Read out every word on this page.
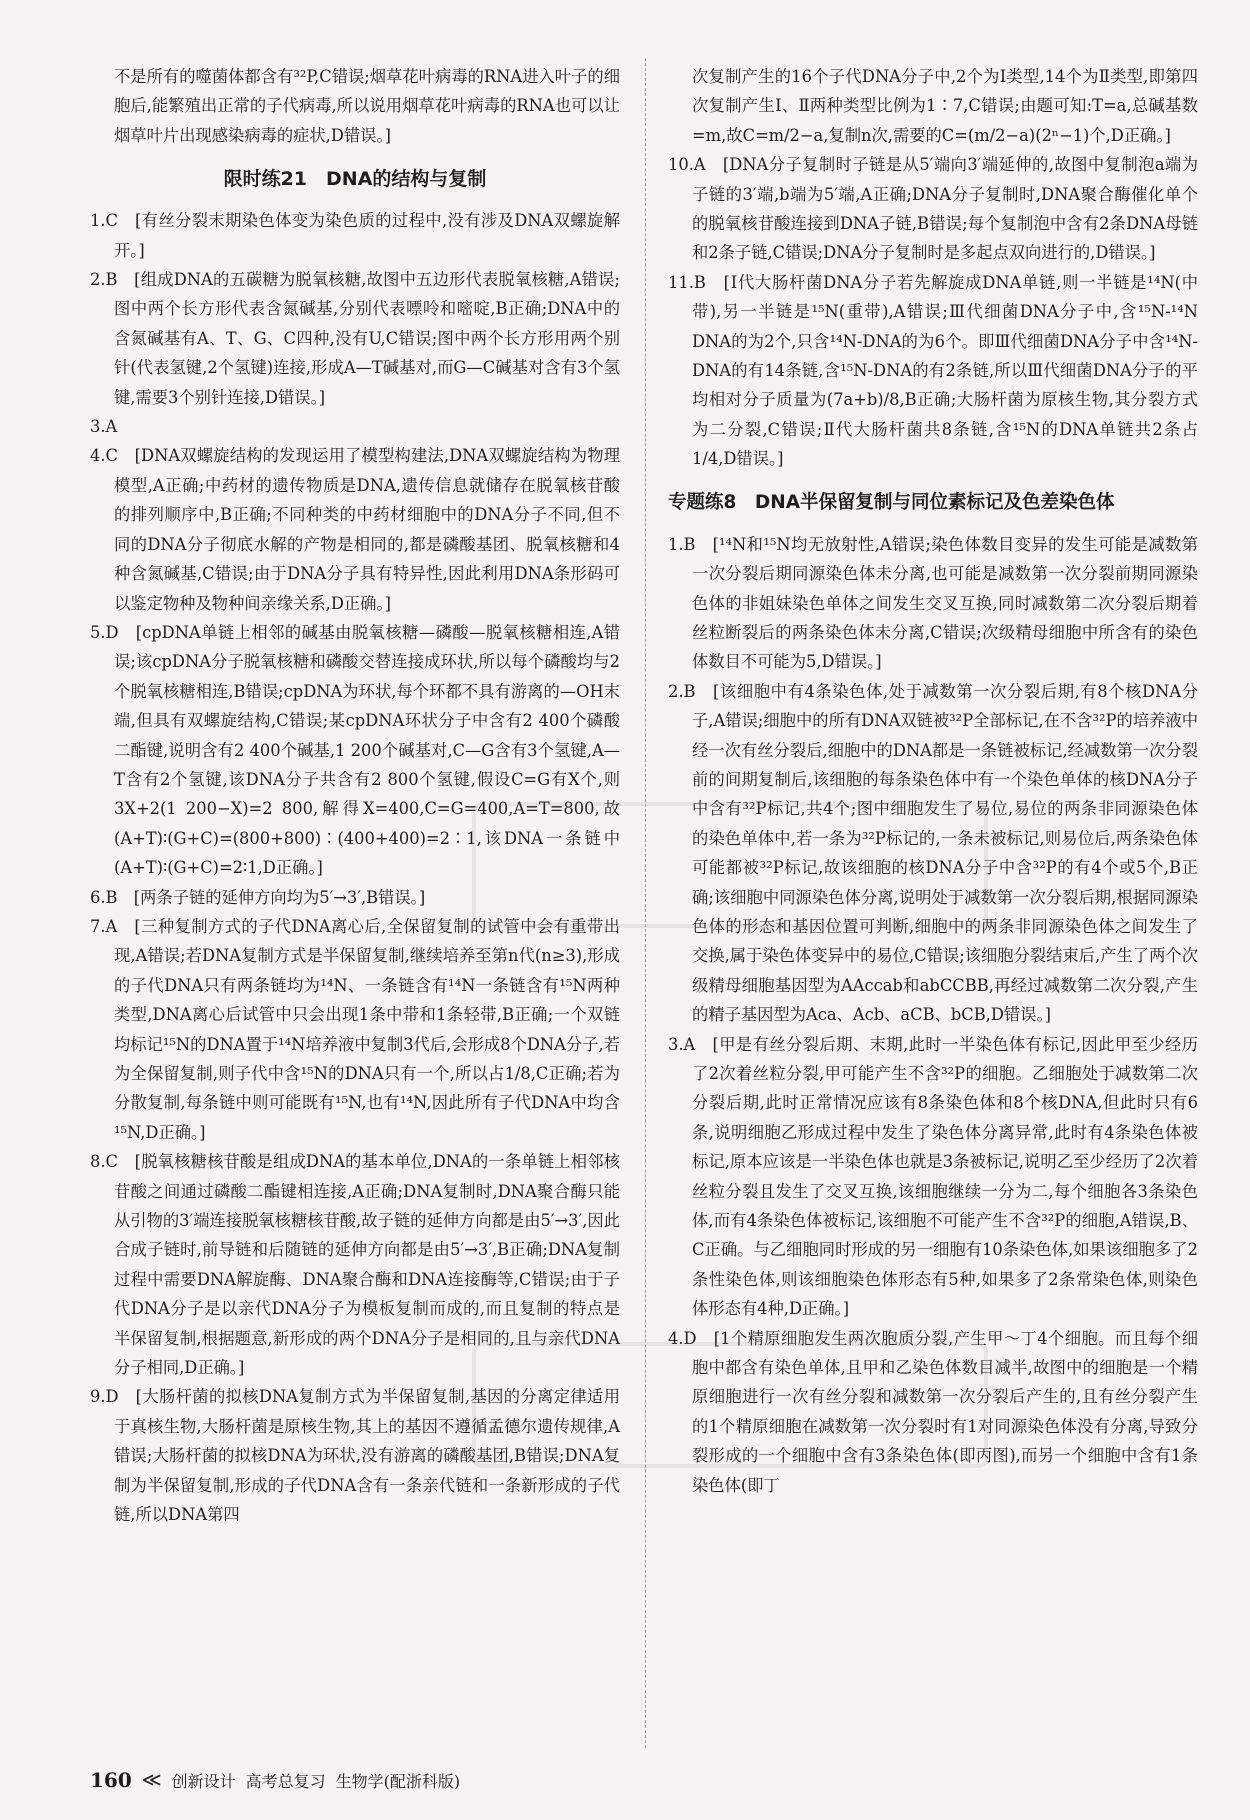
不是所有的噬菌体都含有³²P,C错误;烟草花叶病毒的RNA进入叶子的细胞后,能繁殖出正常的子代病毒,所以说用烟草花叶病毒的RNA也可以让烟草叶片出现感染病毒的症状,D错误。]

限时练21　DNA的结构与复制

1.C　[有丝分裂末期染色体变为染色质的过程中,没有涉及DNA双螺旋解开。]

2.B　[组成DNA的五碳糖为脱氧核糖,故图中五边形代表脱氧核糖,A错误;图中两个长方形代表含氮碱基,分别代表嘌呤和嘧啶,B正确;DNA中的含氮碱基有A、T、G、C四种,没有U,C错误;图中两个长方形用两个别针(代表氢键,2个氢键)连接,形成A—T碱基对,而G—C碱基对含有3个氢键,需要3个别针连接,D错误。]

3.A

4.C　[DNA双螺旋结构的发现运用了模型构建法,DNA双螺旋结构为物理模型,A正确;中药材的遗传物质是DNA,遗传信息就储存在脱氧核苷酸的排列顺序中,B正确;不同种类的中药材细胞中的DNA分子不同,但不同的DNA分子彻底水解的产物是相同的,都是磷酸基团、脱氧核糖和4种含氮碱基,C错误;由于DNA分子具有特异性,因此利用DNA条形码可以鉴定物种及物种间亲缘关系,D正确。]

5.D　[cpDNA单链上相邻的碱基由脱氧核糖—磷酸—脱氧核糖相连,A错误;该cpDNA分子脱氧核糖和磷酸交替连接成环状,所以每个磷酸均与2个脱氧核糖相连,B错误;cpDNA为环状,每个环都不具有游离的—OH末端,但具有双螺旋结构,C错误;某cpDNA环状分子中含有2 400个磷酸二酯键,说明含有2 400个碱基,1 200个碱基对,C—G含有3个氢键,A—T含有2个氢键,该DNA分子共含有2 800个氢键,假设C=G有X个,则3X+2(1 200−X)=2 800,解得X=400,C=G=400,A=T=800,故(A+T)∶(G+C)=(800+800)∶(400+400)=2∶1,该DNA一条链中(A+T)∶(G+C)=2∶1,D正确。]

6.B　[两条子链的延伸方向均为5′→3′,B错误。]

7.A　[三种复制方式的子代DNA离心后,全保留复制的试管中会有重带出现,A错误;若DNA复制方式是半保留复制,继续培养至第n代(n≥3),形成的子代DNA只有两条链均为¹⁴N、一条链含有¹⁴N一条链含有¹⁵N两种类型,DNA离心后试管中只会出现1条中带和1条轻带,B正确;一个双链均标记¹⁵N的DNA置于¹⁴N培养液中复制3代后,会形成8个DNA分子,若为全保留复制,则子代中含¹⁵N的DNA只有一个,所以占1/8,C正确;若为分散复制,每条链中则可能既有¹⁵N,也有¹⁴N,因此所有子代DNA中均含¹⁵N,D正确。]

8.C　[脱氧核糖核苷酸是组成DNA的基本单位,DNA的一条单链上相邻核苷酸之间通过磷酸二酯键相连接,A正确;DNA复制时,DNA聚合酶只能从引物的3′端连接脱氧核糖核苷酸,故子链的延伸方向都是由5′→3′,因此合成子链时,前导链和后随链的延伸方向都是由5′→3′,B正确;DNA复制过程中需要DNA解旋酶、DNA聚合酶和DNA连接酶等,C错误;由于子代DNA分子是以亲代DNA分子为模板复制而成的,而且复制的特点是半保留复制,根据题意,新形成的两个DNA分子是相同的,且与亲代DNA分子相同,D正确。]

9.D　[大肠杆菌的拟核DNA复制方式为半保留复制,基因的分离定律适用于真核生物,大肠杆菌是原核生物,其上的基因不遵循孟德尔遗传规律,A错误;大肠杆菌的拟核DNA为环状,没有游离的磷酸基团,B错误;DNA复制为半保留复制,形成的子代DNA含有一条亲代链和一条新形成的子代链,所以DNA第四

次复制产生的16个子代DNA分子中,2个为Ⅰ类型,14个为Ⅱ类型,即第四次复制产生Ⅰ、Ⅱ两种类型比例为1∶7,C错误;由题可知:T=a,总碱基数=m,故C=m/2−a,复制n次,需要的C=(m/2−a)(2ⁿ−1)个,D正确。]

10.A　[DNA分子复制时子链是从5′端向3′端延伸的,故图中复制泡a端为子链的3′端,b端为5′端,A正确;DNA分子复制时,DNA聚合酶催化单个的脱氧核苷酸连接到DNA子链,B错误;每个复制泡中含有2条DNA母链和2条子链,C错误;DNA分子复制时是多起点双向进行的,D错误。]

11.B　[Ⅰ代大肠杆菌DNA分子若先解旋成DNA单链,则一半链是¹⁴N(中带),另一半链是¹⁵N(重带),A错误;Ⅲ代细菌DNA分子中,含¹⁵N-¹⁴N DNA的为2个,只含¹⁴N-DNA的为6个。即Ⅲ代细菌DNA分子中含¹⁴N-DNA的有14条链,含¹⁵N-DNA的有2条链,所以Ⅲ代细菌DNA分子的平均相对分子质量为(7a+b)/8,B正确;大肠杆菌为原核生物,其分裂方式为二分裂,C错误;Ⅱ代大肠杆菌共8条链,含¹⁵N的DNA单链共2条占1/4,D错误。]

专题练8　DNA半保留复制与同位素标记及色差染色体

1.B　[¹⁴N和¹⁵N均无放射性,A错误;染色体数目变异的发生可能是减数第一次分裂后期同源染色体未分离,也可能是减数第一次分裂前期同源染色体的非姐妹染色单体之间发生交叉互换,同时减数第二次分裂后期着丝粒断裂后的两条染色体未分离,C错误;次级精母细胞中所含有的染色体数目不可能为5,D错误。]

2.B　[该细胞中有4条染色体,处于减数第一次分裂后期,有8个核DNA分子,A错误;细胞中的所有DNA双链被³²P全部标记,在不含³²P的培养液中经一次有丝分裂后,细胞中的DNA都是一条链被标记,经减数第一次分裂前的间期复制后,该细胞的每条染色体中有一个染色单体的核DNA分子中含有³²P标记,共4个;图中细胞发生了易位,易位的两条非同源染色体的染色单体中,若一条为³²P标记的,一条未被标记,则易位后,两条染色体可能都被³²P标记,故该细胞的核DNA分子中含³²P的有4个或5个,B正确;该细胞中同源染色体分离,说明处于减数第一次分裂后期,根据同源染色体的形态和基因位置可判断,细胞中的两条非同源染色体之间发生了交换,属于染色体变异中的易位,C错误;该细胞分裂结束后,产生了两个次级精母细胞基因型为AAccab和abCCBB,再经过减数第二次分裂,产生的精子基因型为Aca、Acb、aCB、bCB,D错误。]

3.A　[甲是有丝分裂后期、末期,此时一半染色体有标记,因此甲至少经历了2次着丝粒分裂,甲可能产生不含³²P的细胞。乙细胞处于减数第二次分裂后期,此时正常情况应该有8条染色体和8个核DNA,但此时只有6条,说明细胞乙形成过程中发生了染色体分离异常,此时有4条染色体被标记,原本应该是一半染色体也就是3条被标记,说明乙至少经历了2次着丝粒分裂且发生了交叉互换,该细胞继续一分为二,每个细胞各3条染色体,而有4条染色体被标记,该细胞不可能产生不含³²P的细胞,A错误,B、C正确。与乙细胞同时形成的另一细胞有10条染色体,如果该细胞多了2条性染色体,则该细胞染色体形态有5种,如果多了2条常染色体,则染色体形态有4种,D正确。]

4.D　[1个精原细胞发生两次胞质分裂,产生甲～丁4个细胞。而且每个细胞中都含有染色单体,且甲和乙染色体数目减半,故图中的细胞是一个精原细胞进行一次有丝分裂和减数第一次分裂后产生的,且有丝分裂产生的1个精原细胞在减数第一次分裂时有1对同源染色体没有分离,导致分裂形成的一个细胞中含有3条染色体(即丙图),而另一个细胞中含有1条染色体(即丁

160 ≪ 创新设计 高考总复习 生物学(配浙科版)
